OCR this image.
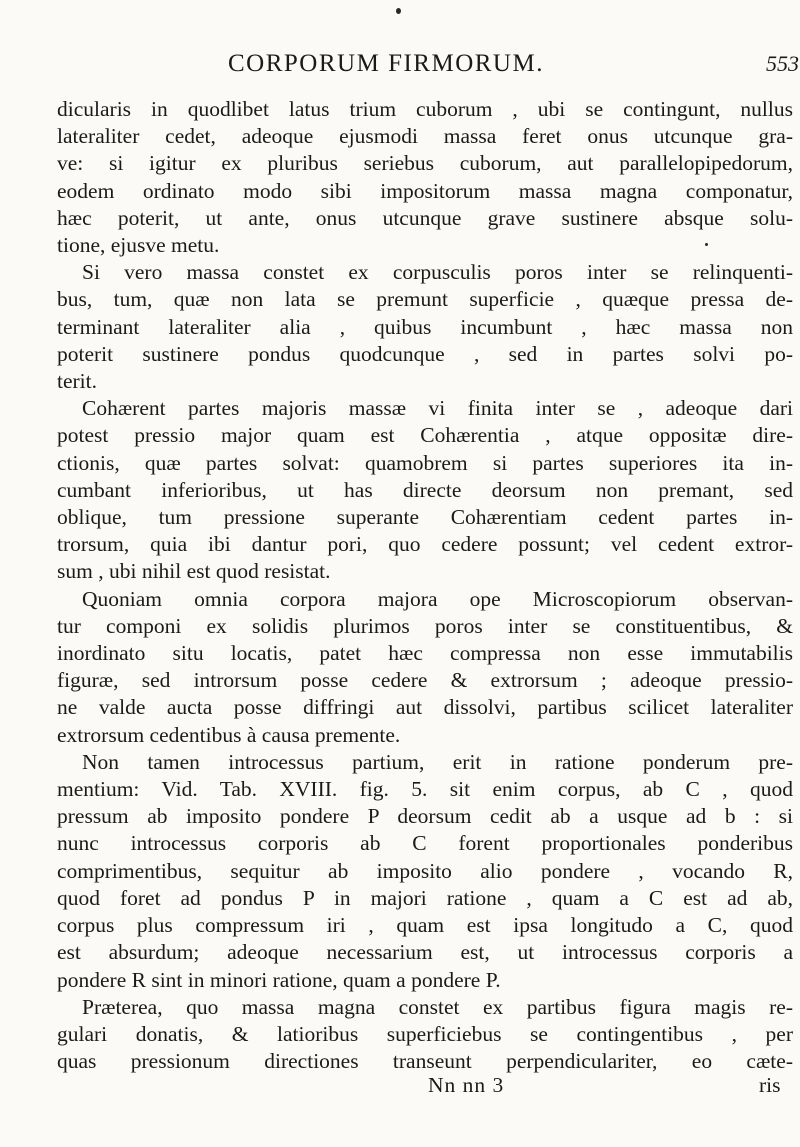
CORPORUM FIRMORUM.	553

dicularis in quodlibet latus trium cuborum , ubi se contingunt, nullus

lateraliter cedet, adeoque ejusmodi massa feret onus utcunque gra-

ve: si igitur ex pluribus seriebus cuborum, aut parallelopipedorum,

eodem ordinato modo sibi impositorum massa magna componatur,

hæc poterit, ut ante, onus utcunque grave sustinere absque solu-

tione, ejusve metu.

Si vero massa constet ex corpusculis poros inter se relinquenti-

bus, tum, quæ non lata se premunt superficie , quæque pressa de-

terminant lateraliter alia , quibus incumbunt , hæc massa non

poterit sustinere pondus quodcunque , sed in partes solvi po-

terit.

Cohærent partes majoris massæ vi finita inter se , adeoque dari

potest pressio major quam est Cohærentia , atque oppositæ dire-

ctionis, quæ partes solvat: quamobrem si partes superiores ita in-

cumbant inferioribus, ut has directe deorsum non premant, sed

oblique, tum pressione superante Cohærentiam cedent partes in-

trorsum, quia ibi dantur pori, quo cedere possunt; vel cedent extror-

sum , ubi nihil est quod resistat.

Quoniam omnia corpora majora ope Microscopiorum observan-

tur componi ex solidis plurimos poros inter se constituentibus, &

inordinato situ locatis, patet hæc compressa non esse immutabilis

figuræ, sed introrsum posse cedere & extrorsum ; adeoque pressio-

ne valde aucta posse diffringi aut dissolvi, partibus scilicet lateraliter

extrorsum cedentibus à causa premente.

Non tamen introcessus partium, erit in ratione ponderum pre-

mentium: Vid. Tab. XVIII. fig. 5. sit enim corpus, ab C , quod

pressum ab imposito pondere P deorsum cedit ab a usque ad b : si

nunc introcessus corporis ab C forent proportionales ponderibus

comprimentibus, sequitur ab imposito alio pondere , vocando R,

quod foret ad pondus P in majori ratione , quam a C est ad ab,

corpus plus compressum iri , quam est ipsa longitudo a C, quod

est absurdum; adeoque necessarium est, ut introcessus corporis a

pondere R sint in minori ratione, quam a pondere P.

Præterea, quo massa magna constet ex partibus figura magis re-

gulari donatis, & latioribus superficiebus se contingentibus , per

quas pressionum directiones transeunt perpendiculariter, eo cæte-

Nn nn 3	ris
